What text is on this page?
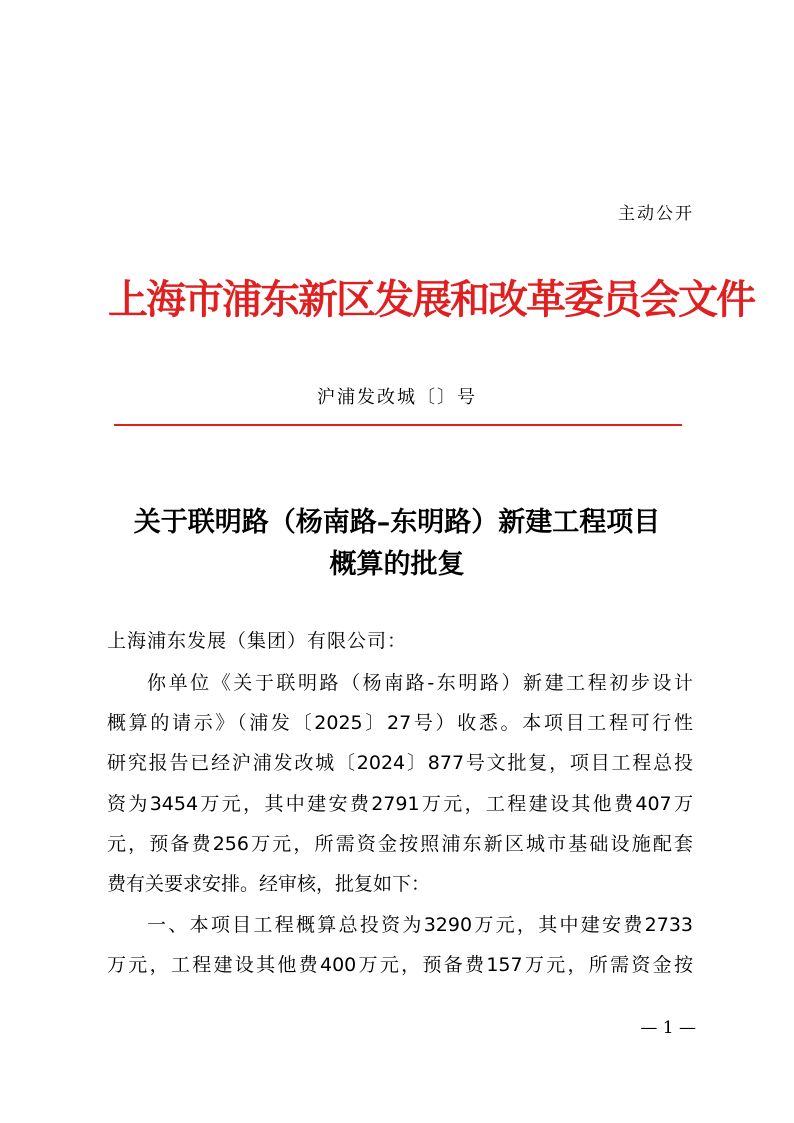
主动公开

上海市浦东新区发展和改革委员会文件

沪浦发改城〔〕号

关于联明路（杨南路–东明路）新建工程项目
概算的批复

上海浦东发展（集团）有限公司：

你单位《关于联明路（杨南路-东明路）新建工程初步设计

概算的请示》（浦发〔2025〕27号）收悉。本项目工程可行性

研究报告已经沪浦发改城〔2024〕877号文批复，项目工程总投

资为3454万元，其中建安费2791万元，工程建设其他费407万

元，预备费256万元，所需资金按照浦东新区城市基础设施配套

费有关要求安排。经审核，批复如下：

一、本项目工程概算总投资为3290万元，其中建安费2733

万元，工程建设其他费400万元，预备费157万元，所需资金按

— 1 —
